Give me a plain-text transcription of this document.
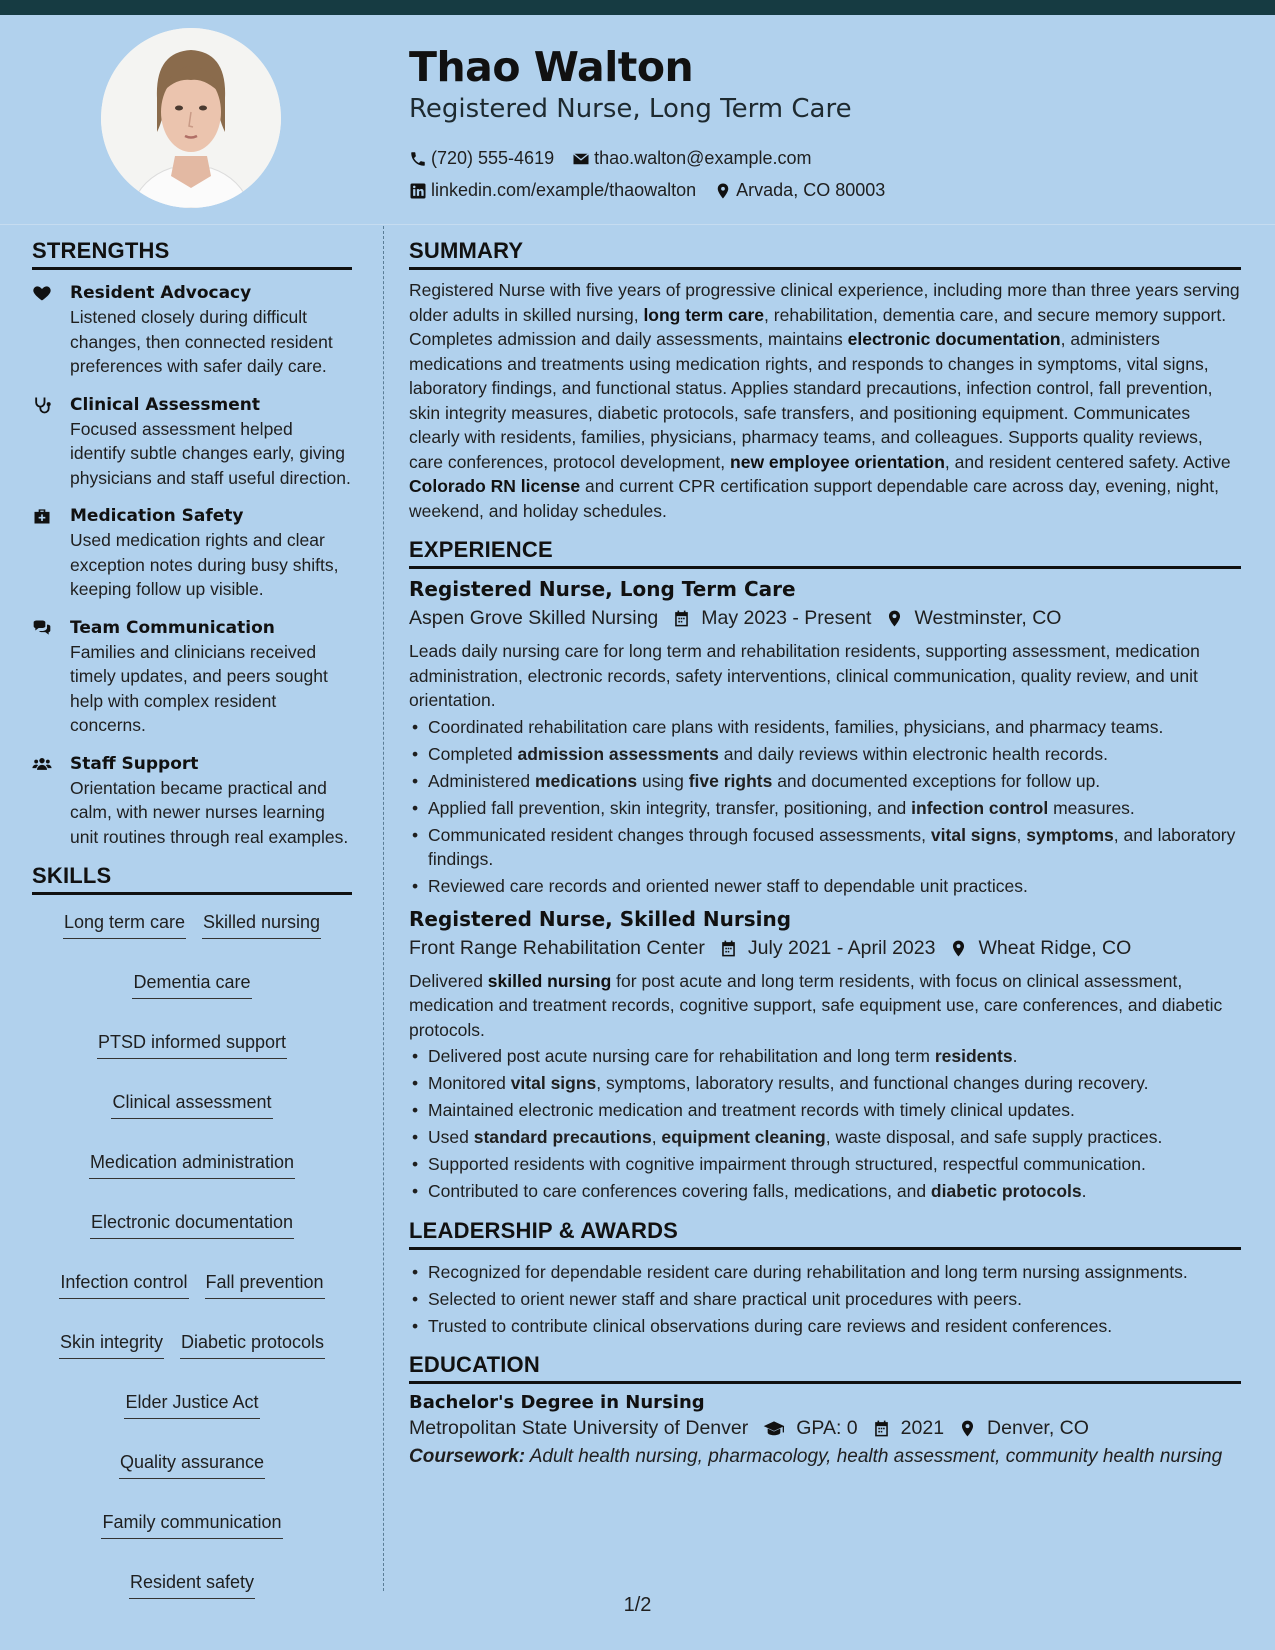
Thao Walton
Registered Nurse, Long Term Care
(720) 555-4619 thao.walton@example.com
linkedin.com/example/thaowalton Arvada, CO 80003
STRENGTHS
Resident Advocacy
Listened closely during difficult changes, then connected resident preferences with safer daily care.
Clinical Assessment
Focused assessment helped identify subtle changes early, giving physicians and staff useful direction.
Medication Safety
Used medication rights and clear exception notes during busy shifts, keeping follow up visible.
Team Communication
Families and clinicians received timely updates, and peers sought help with complex resident concerns.
Staff Support
Orientation became practical and calm, with newer nurses learning unit routines through real examples.
SKILLS
Long term care Skilled nursing
Dementia care
PTSD informed support
Clinical assessment
Medication administration
Electronic documentation
Infection control Fall prevention
Skin integrity Diabetic protocols
Elder Justice Act
Quality assurance
Family communication
Resident safety
SUMMARY

Registered Nurse with five years of progressive clinical experience, including more than three years serving older adults in skilled nursing, long term care, rehabilitation, dementia care, and secure memory support. Completes admission and daily assessments, maintains electronic documentation, administers medications and treatments using medication rights, and responds to changes in symptoms, vital signs, laboratory findings, and functional status. Applies standard precautions, infection control, fall prevention, skin integrity measures, diabetic protocols, safe transfers, and positioning equipment. Communicates clearly with residents, families, physicians, pharmacy teams, and colleagues. Supports quality reviews, care conferences, protocol development, new employee orientation, and resident centered safety. Active Colorado RN license and current CPR certification support dependable care across day, evening, night, weekend, and holiday schedules.

EXPERIENCE
Registered Nurse, Long Term Care
Aspen Grove Skilled Nursing May 2023 - Present Westminster, CO

Leads daily nursing care for long term and rehabilitation residents, supporting assessment, medication administration, electronic records, safety interventions, clinical communication, quality review, and unit orientation.

• Coordinated rehabilitation care plans with residents, families, physicians, and pharmacy teams.
• Completed admission assessments and daily reviews within electronic health records.
• Administered medications using five rights and documented exceptions for follow up.
• Applied fall prevention, skin integrity, transfer, positioning, and infection control measures.
• Communicated resident changes through focused assessments, vital signs, symptoms, and laboratory findings.
• Reviewed care records and oriented newer staff to dependable unit practices.
Registered Nurse, Skilled Nursing
Front Range Rehabilitation Center July 2021 - April 2023 Wheat Ridge, CO

Delivered skilled nursing for post acute and long term residents, with focus on clinical assessment, medication and treatment records, cognitive support, safe equipment use, care conferences, and diabetic protocols.

• Delivered post acute nursing care for rehabilitation and long term residents.
• Monitored vital signs, symptoms, laboratory results, and functional changes during recovery.
• Maintained electronic medication and treatment records with timely clinical updates.
• Used standard precautions, equipment cleaning, waste disposal, and safe supply practices.
• Supported residents with cognitive impairment through structured, respectful communication.
• Contributed to care conferences covering falls, medications, and diabetic protocols.
LEADERSHIP & AWARDS
• Recognized for dependable resident care during rehabilitation and long term nursing assignments.
• Selected to orient newer staff and share practical unit procedures with peers.
• Trusted to contribute clinical observations during care reviews and resident conferences.
EDUCATION
Bachelor's Degree in Nursing
Metropolitan State University of Denver GPA: 0 2021 Denver, CO

Coursework: Adult health nursing, pharmacology, health assessment, community health nursing

1/2
